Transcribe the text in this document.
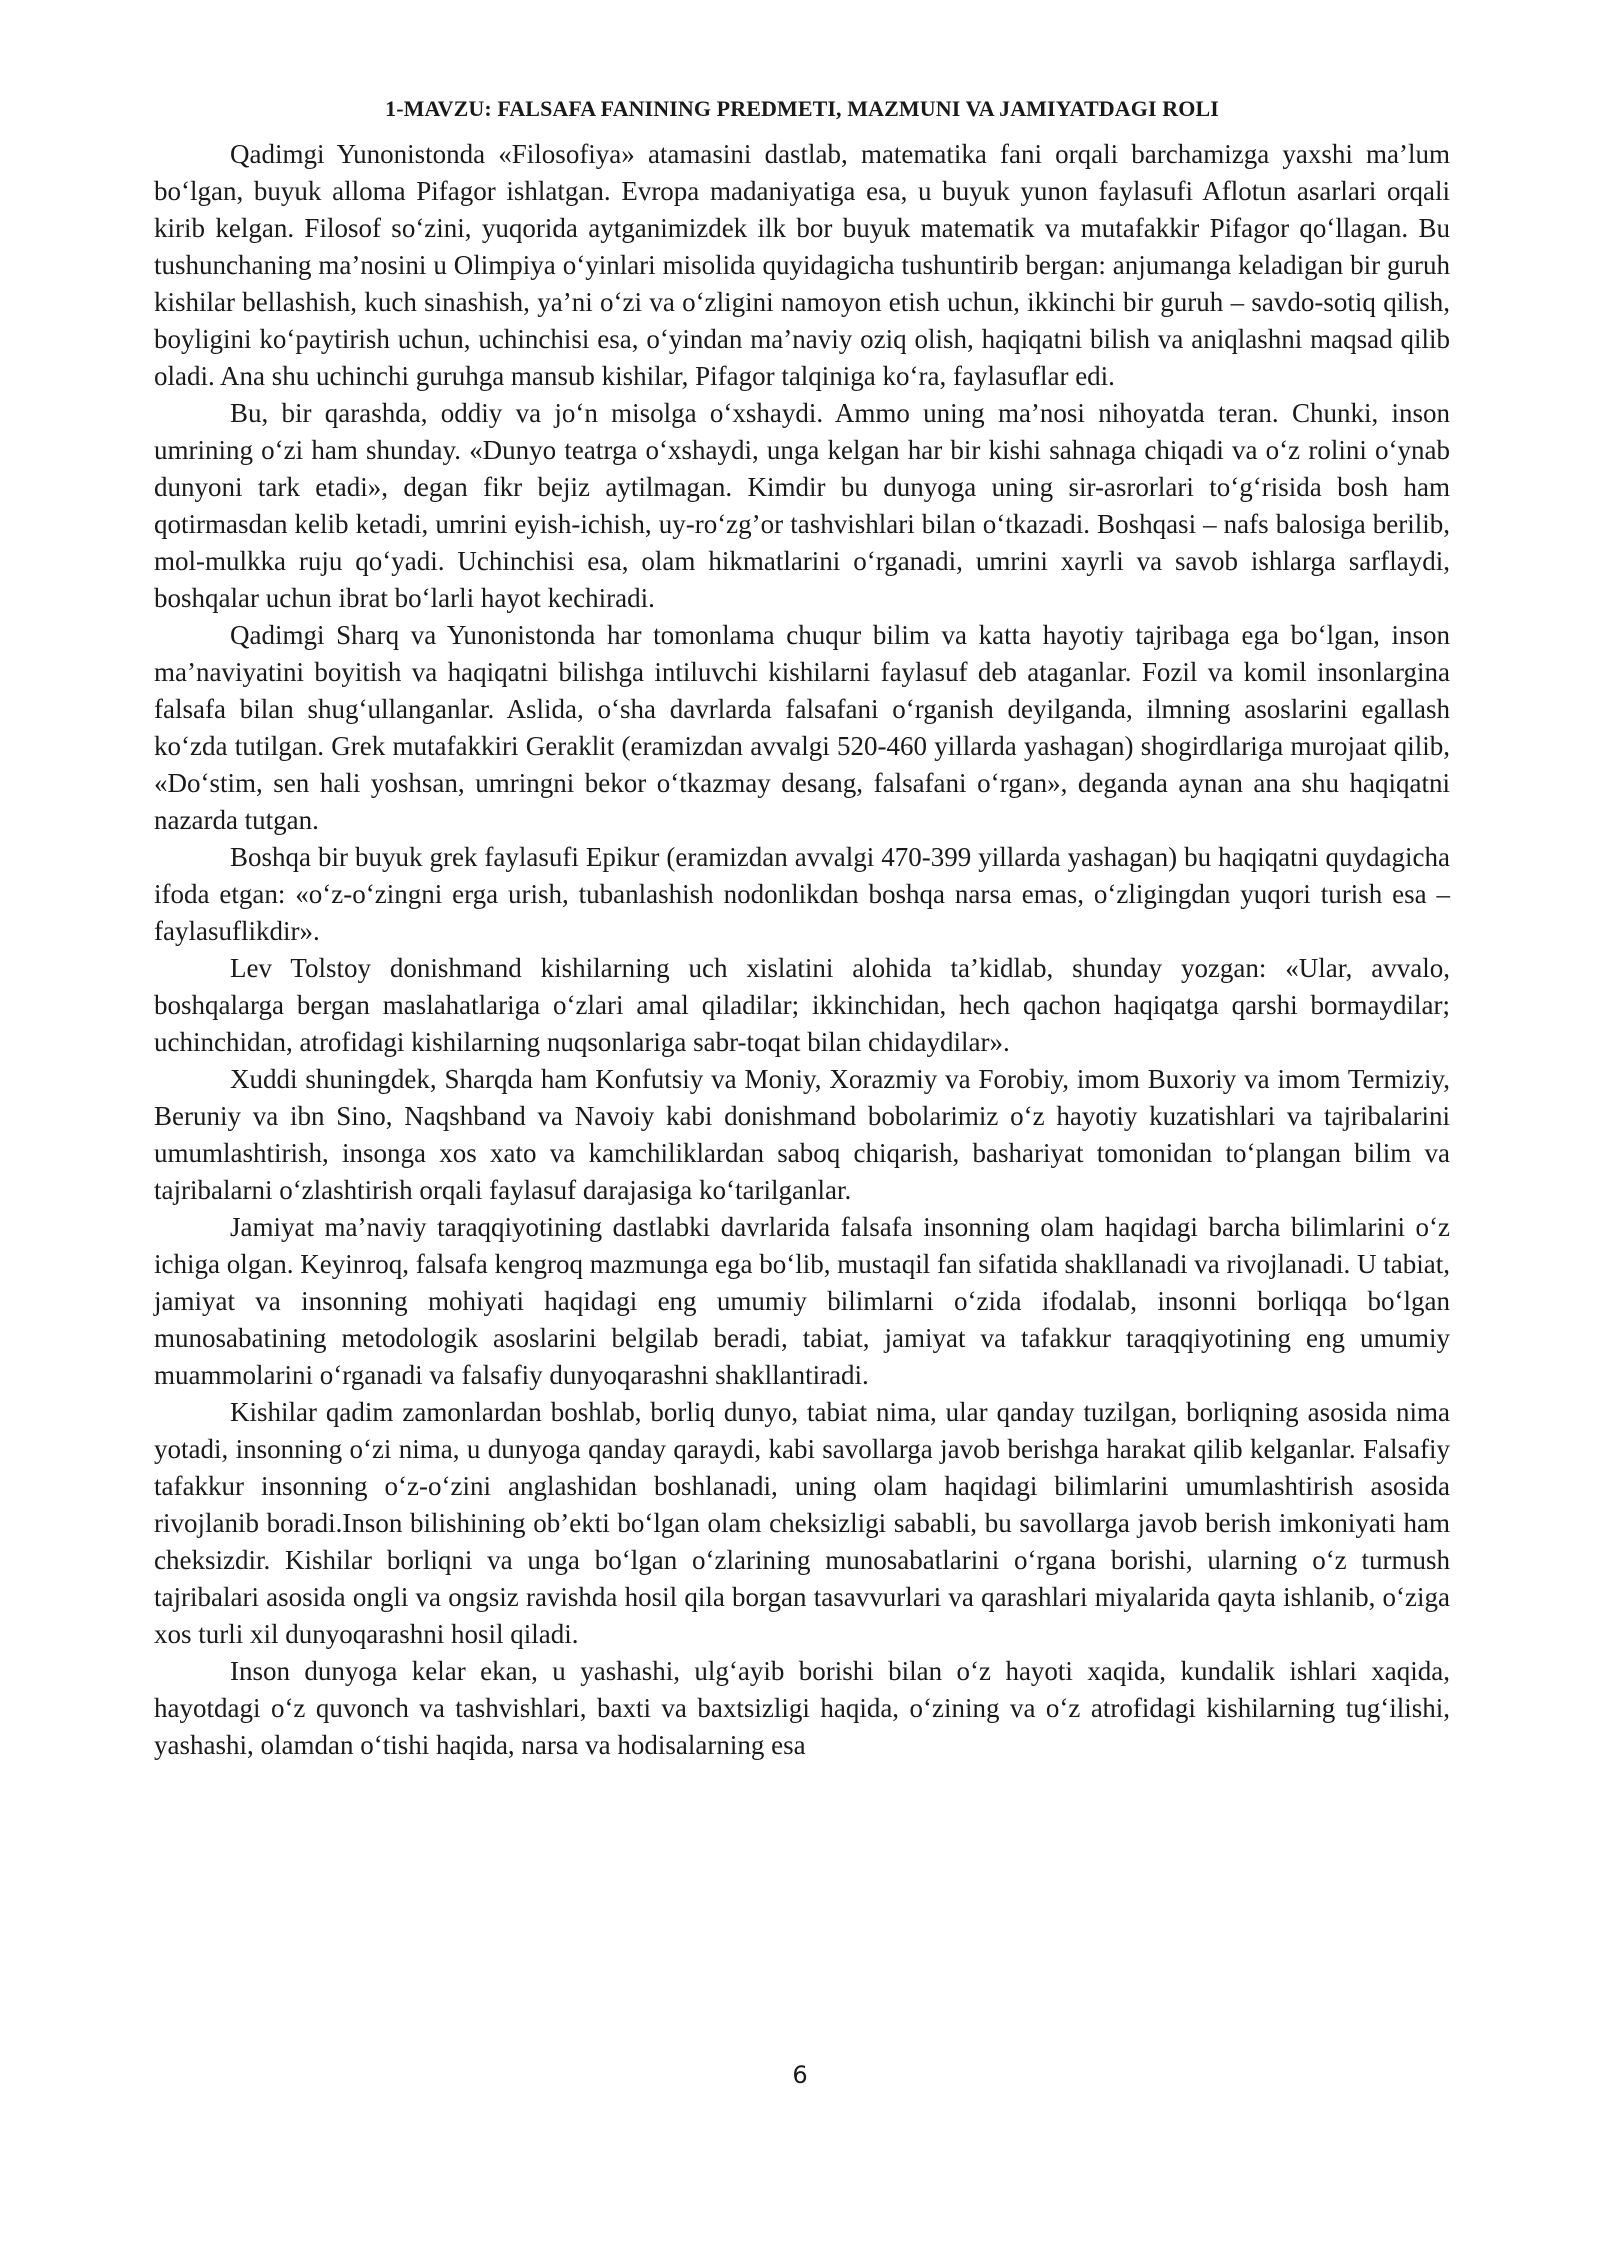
1-MAVZU: FALSAFA FANINING PREDMETI, MAZMUNI VA JAMIYATDAGI ROLI

Qadimgi Yunonistonda «Filosofiya» atamasini dastlab, matematika fani orqali barchamizga yaxshi ma’lum bo‘lgan, buyuk alloma Pifagor ishlatgan. Evropa madaniyatiga esa, u buyuk yunon faylasufi Aflotun asarlari orqali kirib kelgan. Filosof so‘zini, yuqorida aytganimizdek ilk bor buyuk matematik va mutafakkir Pifagor qo‘llagan. Bu tushunchaning ma’nosini u Olimpiya o‘yinlari misolida quyidagicha tushuntirib bergan: anjumanga keladigan bir guruh kishilar bellashish, kuch sinashish, ya’ni o‘zi va o‘zligini namoyon etish uchun, ikkinchi bir guruh – savdo-sotiq qilish, boyligini ko‘paytirish uchun, uchinchisi esa, o‘yindan ma’naviy oziq olish, haqiqatni bilish va aniqlashni maqsad qilib oladi. Ana shu uchinchi guruhga mansub kishilar, Pifagor talqiniga ko‘ra, faylasuflar edi.

Bu, bir qarashda, oddiy va jo‘n misolga o‘xshaydi. Ammo uning ma’nosi nihoyatda teran. Chunki, inson umrining o‘zi ham shunday. «Dunyo teatrga o‘xshaydi, unga kelgan har bir kishi sahnaga chiqadi va o‘z rolini o‘ynab dunyoni tark etadi», degan fikr bejiz aytilmagan. Kimdir bu dunyoga uning sir-asrorlari to‘g‘risida bosh ham qotirmasdan kelib ketadi, umrini eyish-ichish, uy-ro‘zg’or tashvishlari bilan o‘tkazadi. Boshqasi – nafs balosiga berilib, mol-mulkka ruju qo‘yadi. Uchinchisi esa, olam hikmatlarini o‘rganadi, umrini xayrli va savob ishlarga sarflaydi, boshqalar uchun ibrat bo‘larli hayot kechiradi.

Qadimgi Sharq va Yunonistonda har tomonlama chuqur bilim va katta hayotiy tajribaga ega bo‘lgan, inson ma’naviyatini boyitish va haqiqatni bilishga intiluvchi kishilarni faylasuf deb ataganlar. Fozil va komil insonlargina falsafa bilan shug‘ullanganlar. Aslida, o‘sha davrlarda falsafani o‘rganish deyilganda, ilmning asoslarini egallash ko‘zda tutilgan. Grek mutafakkiri Geraklit (eramizdan avvalgi 520-460 yillarda yashagan) shogirdlariga murojaat qilib, «Do‘stim, sen hali yoshsan, umringni bekor o‘tkazmay desang, falsafani o‘rgan», deganda aynan ana shu haqiqatni nazarda tutgan.

Boshqa bir buyuk grek faylasufi Epikur (eramizdan avvalgi 470-399 yillarda yashagan) bu haqiqatni quydagicha ifoda etgan: «o‘z-o‘zingni erga urish, tubanlashish nodonlikdan boshqa narsa emas, o‘zligingdan yuqori turish esa – faylasuflikdir».

Lev Tolstoy donishmand kishilarning uch xislatini alohida ta’kidlab, shunday yozgan: «Ular, avvalo, boshqalarga bergan maslahatlariga o‘zlari amal qiladilar; ikkinchidan, hech qachon haqiqatga qarshi bormaydilar; uchinchidan, atrofidagi kishilarning nuqsonlariga sabr-toqat bilan chidaydilar».

Xuddi shuningdek, Sharqda ham Konfutsiy va Moniy, Xorazmiy va Forobiy, imom Buxoriy va imom Termiziy, Beruniy va ibn Sino, Naqshband va Navoiy kabi donishmand bobolarimiz o‘z hayotiy kuzatishlari va tajribalarini umumlashtirish, insonga xos xato va kamchiliklardan saboq chiqarish, bashariyat tomonidan to‘plangan bilim va tajribalarni o‘zlashtirish orqali faylasuf darajasiga ko‘tarilganlar.

Jamiyat ma’naviy taraqqiyotining dastlabki davrlarida falsafa insonning olam haqidagi barcha bilimlarini o‘z ichiga olgan. Keyinroq, falsafa kengroq mazmunga ega bo‘lib, mustaqil fan sifatida shakllanadi va rivojlanadi. U tabiat, jamiyat va insonning mohiyati haqidagi eng umumiy bilimlarni o‘zida ifodalab, insonni borliqqa bo‘lgan munosabatining metodologik asoslarini belgilab beradi, tabiat, jamiyat va tafakkur taraqqiyotining eng umumiy muammolarini o‘rganadi va falsafiy dunyoqarashni shakllantiradi.

Kishilar qadim zamonlardan boshlab, borliq dunyo, tabiat nima, ular qanday tuzilgan, borliqning asosida nima yotadi, insonning o‘zi nima, u dunyoga qanday qaraydi, kabi savollarga javob berishga harakat qilib kelganlar. Falsafiy tafakkur insonning o‘z-o‘zini anglashidan boshlanadi, uning olam haqidagi bilimlarini umumlashtirish asosida rivojlanib boradi.Inson bilishining ob’ekti bo‘lgan olam cheksizligi sababli, bu savollarga javob berish imkoniyati ham cheksizdir. Kishilar borliqni va unga bo‘lgan o‘zlarining munosabatlarini o‘rgana borishi, ularning o‘z turmush tajribalari asosida ongli va ongsiz ravishda hosil qila borgan tasavvurlari va qarashlari miyalarida qayta ishlanib, o‘ziga xos turli xil dunyoqarashni hosil qiladi.

Inson dunyoga kelar ekan, u yashashi, ulg‘ayib borishi bilan o‘z hayoti xaqida, kundalik ishlari xaqida, hayotdagi o‘z quvonch va tashvishlari, baxti va baxtsizligi haqida, o‘zining va o‘z atrofidagi kishilarning tug‘ilishi, yashashi, olamdan o‘tishi haqida, narsa va hodisalarning esa

6
